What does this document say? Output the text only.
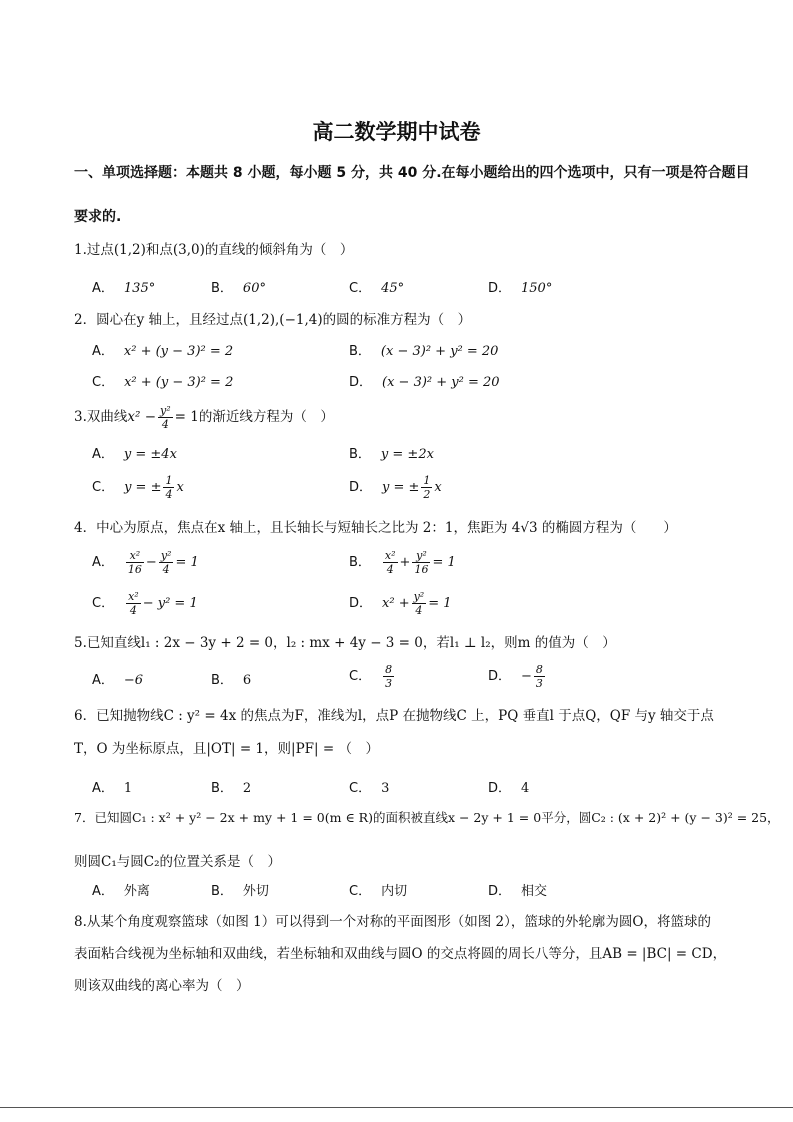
高二数学期中试卷
一、单项选择题：本题共 8 小题，每小题 5 分，共 40 分.在每小题给出的四个选项中，只有一项是符合题目
要求的.
1.过点(1,2)和点(3,0)的直线的倾斜角为（　）
A． 135°	B． 60°	C． 45°	D． 150°
2．圆心在y 轴上，且经过点(1,2),(−1,4)的圆的标准方程为（　）
A． x² + (y − 3)² = 2	B． (x − 3)² + y² = 20
C． x² + (y − 3)² = 2	D． (x − 3)² + y² = 20
3.双曲线$x^2 - \frac{\text{y²}}{4} = 1$的渐近线方程为（　）
A． y = ±4x	B． y = ±2x
C． y = ± $\frac{1}{4}$ x	D． y = ± $\frac{1}{2}$ x
4．中心为原点，焦点在x 轴上，且长轴长与短轴长之比为 2：1，焦距为 4√3 的椭圆方程为（　　）
A． $\frac{\text{x²}}{16} - \frac{\text{y²}}{4} = 1$	B． $\frac{\text{x²}}{4} + \frac{\text{y²}}{16} = 1$
C． $\frac{\text{x²}}{4} - y^2 = 1$	D． $x^2 + \frac{\text{y²}}{4} = 1$
5.已知直线l₁ : 2x − 3y + 2 = 0，l₂ : mx + 4y − 3 = 0，若l₁ ⊥ l₂，则m 的值为（　）
A． −6	B． 6	C． $\frac{8}{3}$	D． − $\frac{8}{3}$
6．已知抛物线C : y² = 4x 的焦点为F，准线为l，点P 在抛物线C 上，PQ 垂直l 于点Q，QF 与y 轴交于点
T，O 为坐标原点，且|OT| = 1，则|PF| = （　）
A． 1	B． 2	C． 3	D． 4
7．已知圆C₁ : x² + y² − 2x + my + 1 = 0(m ∈ R)的面积被直线x − 2y + 1 = 0平分，圆C₂ : (x + 2)² + (y − 3)² = 25，
则圆C₁与圆C₂的位置关系是（　）
A． 外离	B． 外切	C． 内切	D． 相交
8.从某个角度观察篮球（如图 1）可以得到一个对称的平面图形（如图 2），篮球的外轮廓为圆O，将篮球的
表面粘合线视为坐标轴和双曲线，若坐标轴和双曲线与圆O 的交点将圆的周长八等分，且AB = |BC| = CD，
则该双曲线的离心率为（　）
